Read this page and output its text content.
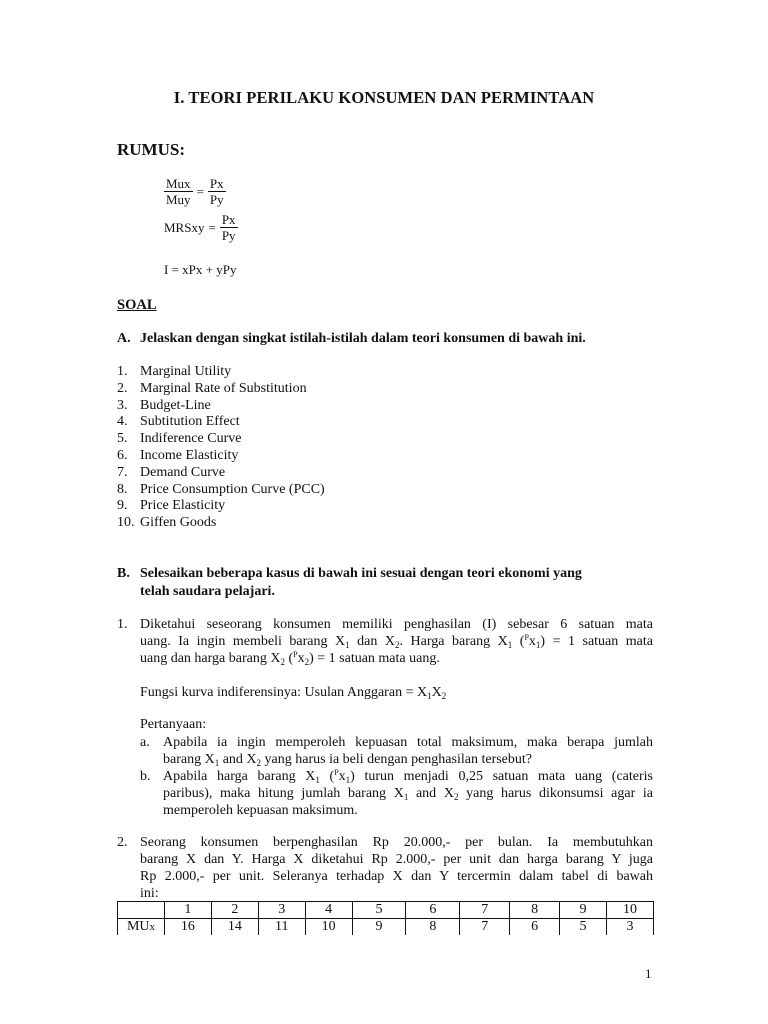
I. TEORI PERILAKU KONSUMEN DAN PERMINTAAN
RUMUS:
$\frac{\text{Mux}}{\text{Muy}} = \frac{Px}{Py}$
MRSxy = $\frac{Px}{Py}$
I = xPx + yPy
SOAL
A. Jelaskan dengan singkat istilah-istilah dalam teori konsumen di bawah ini.
1. Marginal Utility
2. Marginal Rate of Substitution
3. Budget-Line
4. Subtitution Effect
5. Indiference Curve
6. Income Elasticity
7. Demand Curve
8. Price Consumption Curve (PCC)
9. Price Elasticity
10. Giffen Goods
B. Selesaikan beberapa kasus di bawah ini sesuai dengan teori ekonomi yang
telah saudara pelajari.
1. Diketahui seseorang konsumen memiliki penghasilan (I) sebesar 6 satuan mata
uang. Ia ingin membeli barang $X_1$ dan $X_2$. Harga barang $X_1$ $(^Px_1) = 1$ satuan mata
uang dan harga barang $X_2$ $(^Px_2) = 1$ satuan mata uang.
Fungsi kurva indiferensinya: Usulan Anggaran = $X_1X_2$
Pertanyaan:
a. Apabila ia ingin memperoleh kepuasan total maksimum, maka berapa jumlah
barang $X_1$ and $X_2$ yang harus ia beli dengan penghasilan tersebut?
b. Apabila harga barang $X_1$ $(^Px_1)$ turun menjadi 0,25 satuan mata uang (cateris
paribus), maka hitung jumlah barang $X_1$ and $X_2$ yang harus dikonsumsi agar ia
memperoleh kepuasan maksimum.
2. Seorang konsumen berpenghasilan Rp 20.000,- per bulan. Ia membutuhkan
barang X dan Y. Harga X diketahui Rp 2.000,- per unit dan harga barang Y juga
Rp 2.000,- per unit. Seleranya terhadap X dan Y tercermin dalam tabel di bawah
ini:
	1	2	3	4	5	6	7	8	9	10
MUx	16	14	11	10	9	8	7	6	5	3
1
